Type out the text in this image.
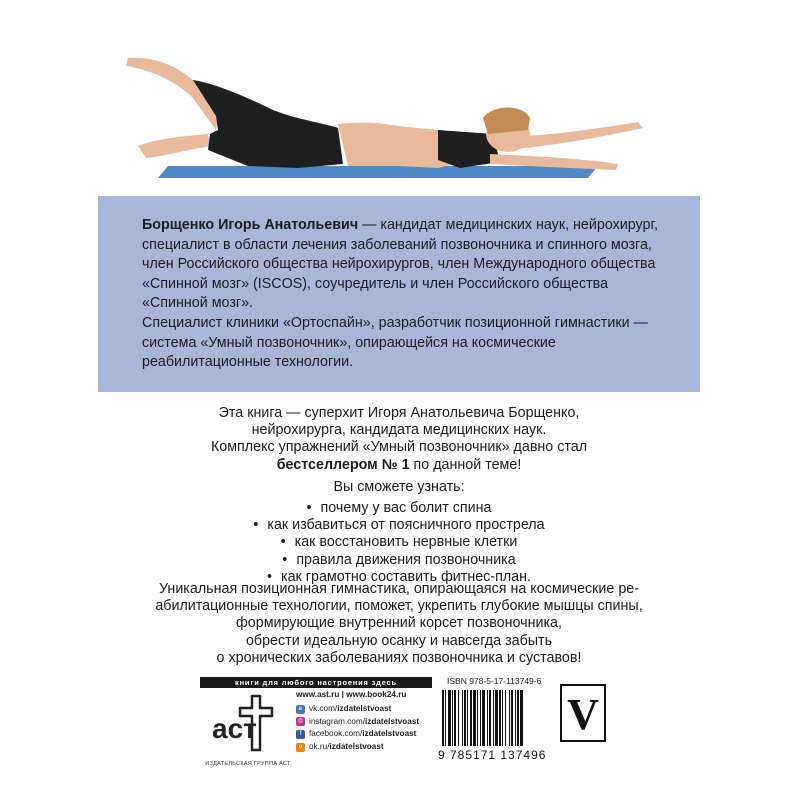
Борщенко Игорь Анатольевич — кандидат медицинских наук, нейрохирург, специалист в области лечения заболеваний позвоночника и спинного мозга, член Российского общества нейрохирургов, член Международного общества «Спинной мозг» (ISCOS), соучредитель и член Российского общества «Спинной мозг».
Специалист клиники «Ортоспайн», разработчик позиционной гимнастики — система «Умный позвоночник», опирающейся на космические реабилитационные технологии.
Эта книга — суперхит Игоря Анатольевича Борщенко,
нейрохирурга, кандидата медицинских наук.
Комплекс упражнений «Умный позвоночник» давно стал
бестселлером № 1 по данной теме!
Вы сможете узнать:
• почему у вас болит спина
• как избавиться от поясничного прострела
• как восстановить нервные клетки
• правила движения позвоночника
• как грамотно составить фитнес-план.
Уникальная позиционная гимнастика, опирающаяся на космические ре-
абилитационные технологии, поможет, укрепить глубокие мышцы спины,
формирующие внутренний корсет позвоночника,
обрести идеальную осанку и навсегда забыть
о хронических заболеваниях позвоночника и суставов!
книги для любого настроения здесь
аст
ИЗДАТЕЛЬСКАЯ ГРУППА АСТ
www.ast.ru | www.book24.ru
в vk.com/ izdatelstvoast
◎ instagram.com/ izdatelstvoast
f facebook.com/ izdatelstvoast
о ok.ru/ izdatelstvoast
ISBN 978-5-17-113749-6
9 785171 137496
V
